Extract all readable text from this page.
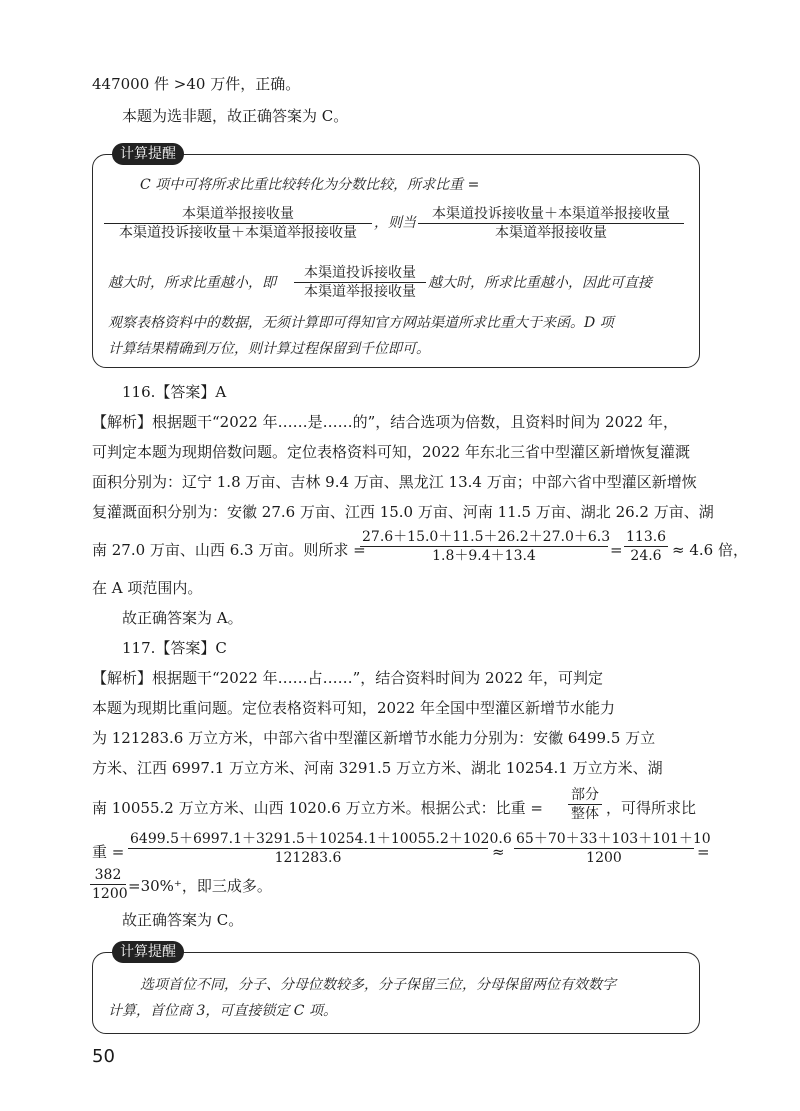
447000 件 >40 万件，正确。
本题为选非题，故正确答案为 C。
计算提醒
C 项中可将所求比重比较转化为分数比较，所求比重 =
本渠道举报接收量
本渠道投诉接收量＋本渠道举报接收量
，则当
本渠道投诉接收量＋本渠道举报接收量
本渠道举报接收量
越大时，所求比重越小，即
本渠道投诉接收量
本渠道举报接收量
越大时，所求比重越小，因此可直接
观察表格资料中的数据，无须计算即可得知官方网站渠道所求比重大于来函。D 项
计算结果精确到万位，则计算过程保留到千位即可。
116.【答案】A
【解析】根据题干“2022 年……是……的”，结合选项为倍数，且资料时间为 2022 年，
可判定本题为现期倍数问题。定位表格资料可知，2022 年东北三省中型灌区新增恢复灌溉
面积分别为：辽宁 1.8 万亩、吉林 9.4 万亩、黑龙江 13.4 万亩；中部六省中型灌区新增恢
复灌溉面积分别为：安徽 27.6 万亩、江西 15.0 万亩、河南 11.5 万亩、湖北 26.2 万亩、湖
南 27.0 万亩、山西 6.3 万亩。则所求 =
$\frac{27.6+15.0+11.5+26.2+27.0+6.3}{1.8+9.4+13.4} = \frac{113.6}{24.6} \approx 4.6$ 倍，
在 A 项范围内。
故正确答案为 A。
117.【答案】C
【解析】根据题干“2022 年……占……”，结合资料时间为 2022 年，可判定
本题为现期比重问题。定位表格资料可知，2022 年全国中型灌区新增节水能力
为 121283.6 万立方米，中部六省中型灌区新增节水能力分别为：安徽 6499.5 万立
方米、江西 6997.1 万立方米、河南 3291.5 万立方米、湖北 10254.1 万立方米、湖
南 10055.2 万立方米、山西 1020.6 万立方米。根据公式：比重 =
部分
整体 ，可得所求比
重 = $\frac{6499.5+6997.1+3291.5+10254.1+10055.2+1020.6}{121283.6} \approx \frac{65+70+33+103+101+10}{1200}$ =
$\frac{382}{1200} =30\%^+$，即三成多。
故正确答案为 C。
计算提醒
选项首位不同，分子、分母位数较多，分子保留三位，分母保留两位有效数字
计算，首位商 3，可直接锁定 C 项。
50
